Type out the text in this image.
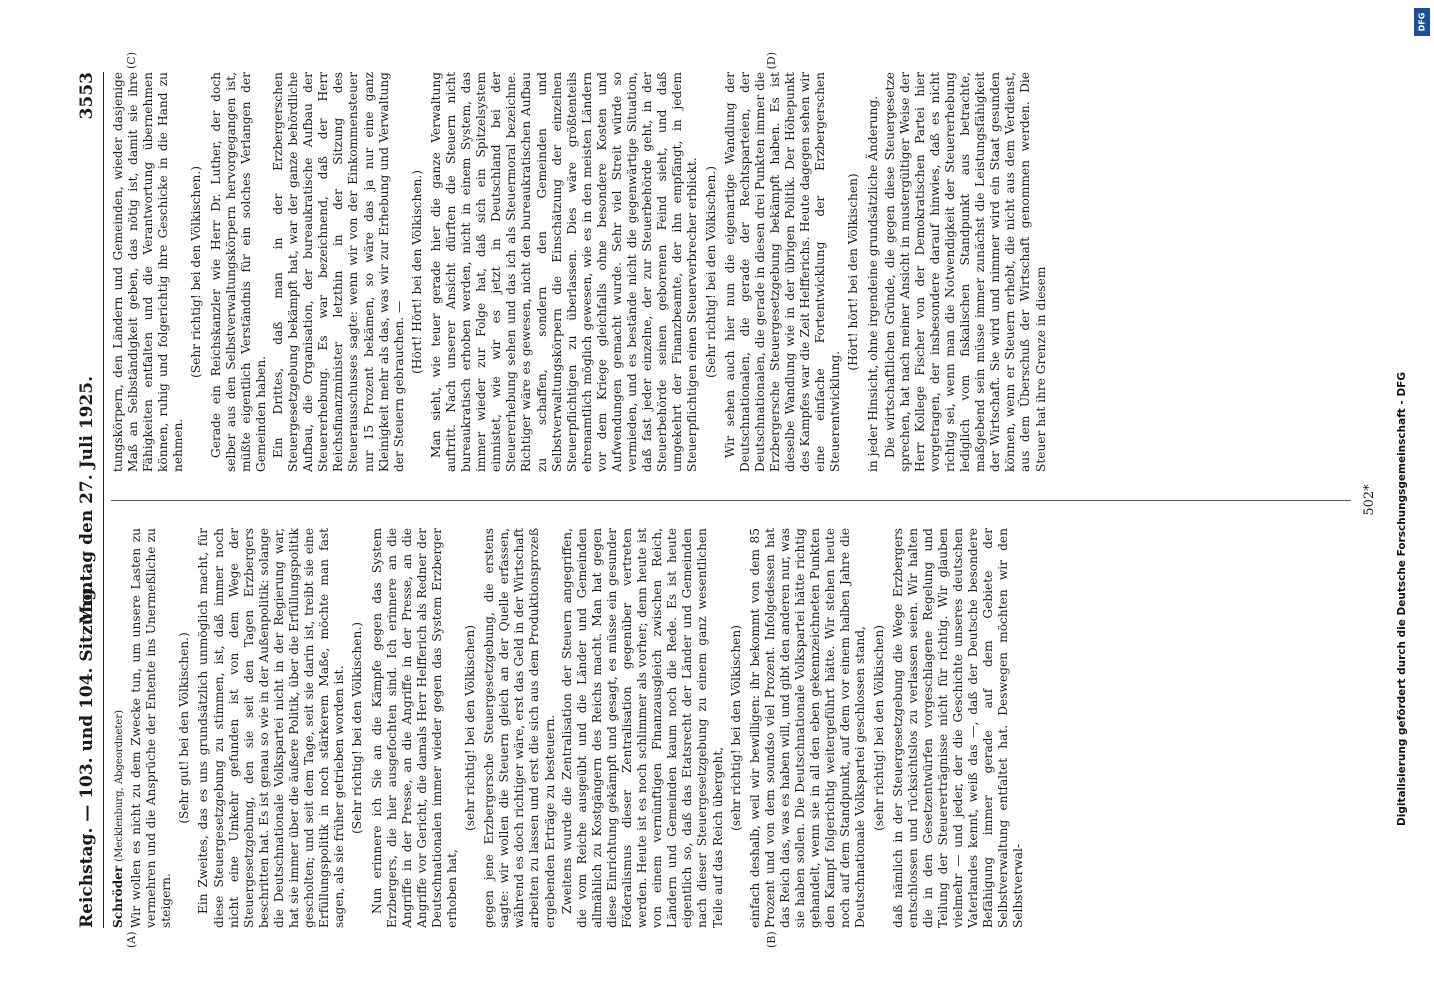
Reichstag. — 103. und 104. Sitzung.
Montag den 27. Juli 1925.
3553

Schröder (Mecklenburg, Abgeordneter) Wir wollen es nicht zu dem Zwecke tun, um unsere Lasten zu vermehren und die Ansprüche der Entente ins Unermeßliche zu steigern.

(Sehr gut! bei den Völkischen.) Ein Zweites, das es uns grundsätzlich unmöglich macht, für diese Steuergesetzgebung zu stimmen, ist, daß immer noch nicht eine Umkehr gefunden ist von dem Wege der Steuergesetzgebung, den sie seit den Tagen Erzbergers beschritten hat. Es ist genau so wie in der Außenpolitik: solange die Deutschnationale Volkspartei nicht in der Regierung war, hat sie immer über die äußere Politik, über die Erfüllungspolitik gescholten; und seit dem Tage, seit sie darin ist, treibt sie eine Erfüllungspolitik in noch stärkerem Maße, möchte man fast sagen, als sie früher getrieben worden ist. (Sehr richtig! bei den Völkischen.) Nun erinnere ich Sie an die Kämpfe gegen das System Erzbergers, die hier ausgefochten sind. Ich erinnere an die Angriffe in der Presse, an die Angriffe in der Presse, an die Angriffe vor Gericht, die damals Herr Helfferich als Redner der Deutschnationalen immer wieder gegen das System Erzberger erhoben hat,

(sehr richtig! bei den Völkischen) gegen jene Erzbergersche Steuergesetzgebung, die erstens sagte: wir wollen die Steuern gleich an der Quelle erfassen, während es doch richtiger wäre, erst das Geld in der Wirtschaft arbeiten zu lassen und erst die sich aus dem Produktionsprozeß ergebenden Erträge zu besteuern. Zweitens wurde die Zentralisation der Steuern angegriffen, die vom Reiche ausgeübt und die Länder und Gemeinden allmählich zu Kostgängern des Reichs macht. Man hat gegen diese Einrichtung gekämpft und gesagt, es müsse ein gesunder Föderalismus dieser Zentralisation gegenüber vertreten werden. Heute ist es noch schlimmer als vorher; denn heute ist von einem vernünftigen Finanzausgleich zwischen Reich, Ländern und Gemeinden kaum noch die Rede. Es ist heute eigentlich so, daß das Etatsrecht der Länder und Gemeinden nach dieser Steuergesetzgebung zu einem ganz wesentlichen Teile auf das Reich übergeht,

(sehr richtig! bei den Völkischen) einfach deshalb, weil wir bewilligen: ihr bekommt von dem 85 Prozent und von dem soundso viel Prozent. Infolgedessen hat das Reich das, was es haben will, und gibt den anderen nur, was sie haben sollen. Die Deutschnationale Volkspartei hätte richtig gehandelt, wenn sie in all den eben gekennzeichneten Punkten den Kampf folgerichtig weitergeführt hätte. Wir stehen heute noch auf dem Standpunkt, auf dem vor einem halben Jahre die Deutschnationale Volkspartei geschlossen stand, (sehr richtig! bei den Völkischen) daß nämlich in der Steuergesetzgebung die Wege Erzbergers entschlossen und rücksichtslos zu verlassen seien. Wir halten die in den Gesetzentwürfen vorgeschlagene Regelung und Teilung der Steuererträgnisse nicht für richtig. Wir glauben vielmehr — und jeder, der die Geschichte unseres deutschen Vaterlandes kennt, weiß das —, daß der Deutsche besondere Befähigung immer gerade auf dem Gebiete der Selbstverwaltung entfaltet hat. Deswegen möchten wir den Selbstverwal-

tungskörpern, den Ländern und Gemeinden, wieder dasjenige Maß an Selbständigkeit geben, das nötig ist, damit sie ihre Fähigkeiten entfalten und die Verantwortung übernehmen können, ruhig und folgerichtig ihre Geschicke in die Hand zu nehmen.

(Sehr richtig! bei den Völkischen.) Gerade ein Reichskanzler wie Herr Dr. Luther, der doch selber aus den Selbstverwaltungskörpern hervorgegangen ist, müßte eigentlich Verständnis für ein solches Verlangen der Gemeinden haben. Ein Drittes, daß man in der Erzbergerschen Steuergesetzgebung bekämpft hat, war der ganze behördliche Aufbau, die Organisation, der bureaukratische Aufbau der Steuererhebung. Es war bezeichnend, daß der Herr Reichsfinanzminister letzthin in der Sitzung des Steuerausschusses sagte: wenn wir von der Einkommensteuer nur 15 Prozent bekämen, so wäre das ja nur eine ganz Kleinigkeit mehr als das, was wir zur Erhebung und Verwaltung der Steuern gebrauchen. —

(Hört! Hört! bei den Völkischen.) Man sieht, wie teuer gerade hier die ganze Verwaltung auftritt. Nach unserer Ansicht dürften die Steuern nicht bureaukratisch erhoben werden, nicht in einem System, das immer wieder zur Folge hat, daß sich ein Spitzelsystem einnistet, wie wir es jetzt in Deutschland bei der Steuererhebung sehen und das ich als Steuermoral bezeichne. Richtiger wäre es gewesen, nicht den bureaukratischen Aufbau zu schaffen, sondern den Gemeinden und Selbstverwaltungskörpern die Einschätzung der einzelnen Steuerpflichtigen zu überlassen. Dies wäre größtenteils ehrenamtlich möglich gewesen, wie es in den meisten Ländern vor dem Kriege gleichfalls ohne besondere Kosten und Aufwendungen gemacht wurde. Sehr viel Streit würde so vermieden, und es bestände nicht die gegenwärtige Situation, daß fast jeder einzelne, der zur Steuerbehörde geht, in der Steuerbehörde seinen geborenen Feind sieht, und daß umgekehrt der Finanzbeamte, der ihn empfängt, in jedem Steuerpflichtigen einen Steuerverbrecher erblickt. (Sehr richtig! bei den Völkischen.) Wir sehen auch hier nun die eigenartige Wandlung der Deutschnationalen, die gerade der Rechtsparteien, der Deutschnationalen, die gerade in diesen drei Punkten immer die Erzbergersche Steuergesetzgebung bekämpft haben. Es ist dieselbe Wandlung wie in der übrigen Politik. Der Höhepunkt des Kampfes war die Zeit Helfferichs. Heute dagegen sehen wir eine einfache Fortentwicklung der Erzbergerschen Steuerentwicklung.

(Hört! hört! bei den Völkischen) in jeder Hinsicht, ohne irgendeine grundsätzliche Änderung. Die wirtschaftlichen Gründe, die gegen diese Steuergesetze sprechen, hat nach meiner Ansicht in mustergültiger Weise der Herr Kollege Fischer von der Demokratischen Partei hier vorgetragen, der insbesondere darauf hinwies, daß es nicht richtig sei, wenn man die Notwendigkeit der Steuererhebung lediglich vom fiskalischen Standpunkt aus betrachte, maßgebend sein müsse immer zunächst die Leistungsfähigkeit der Wirtschaft. Sie wird und nimmer wird ein Staat gesunden können, wenn er Steuern erhebt, die nicht aus dem Verdienst, aus dem Überschuß der Wirtschaft genommen werden. Die Steuer hat ihre Grenze in diesem

(A)	(B)
(C)	(D)
502* Digitalisierung gefördert durch die Deutsche Forschungsgemeinschaft - DFG
DFG
